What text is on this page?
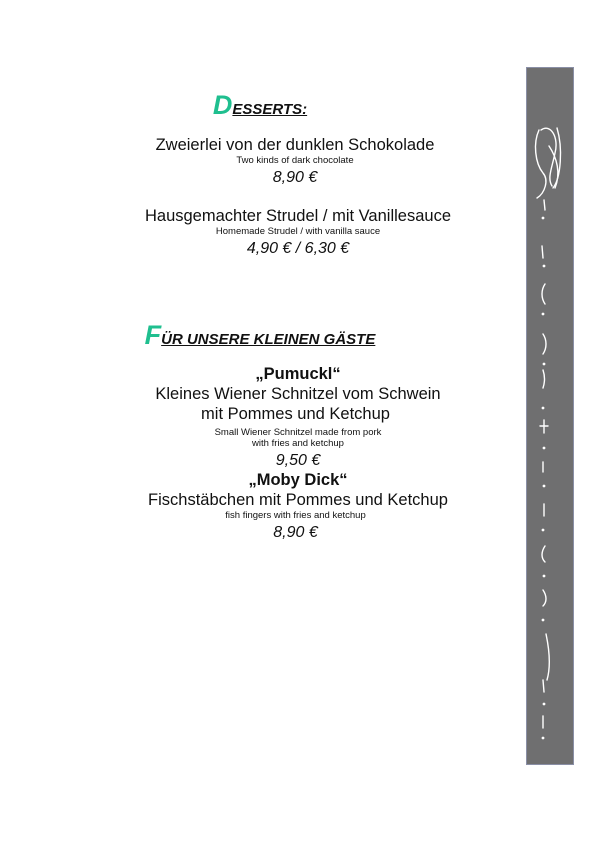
DESSERTS:
Zweierlei von der dunklen Schokolade
Two kinds of dark chocolate
8,90 €
Hausgemachter Strudel / mit Vanillesauce
Homemade Strudel / with vanilla sauce
4,90 € / 6,30 €
FÜR UNSERE KLEINEN GÄSTE
„Pumuckl“
Kleines Wiener Schnitzel vom Schwein
mit Pommes und Ketchup
Small Wiener Schnitzel made from pork
with fries and ketchup
9,50 €
„Moby Dick“
Fischstäbchen mit Pommes und Ketchup
fish fingers with fries and ketchup
8,90 €
